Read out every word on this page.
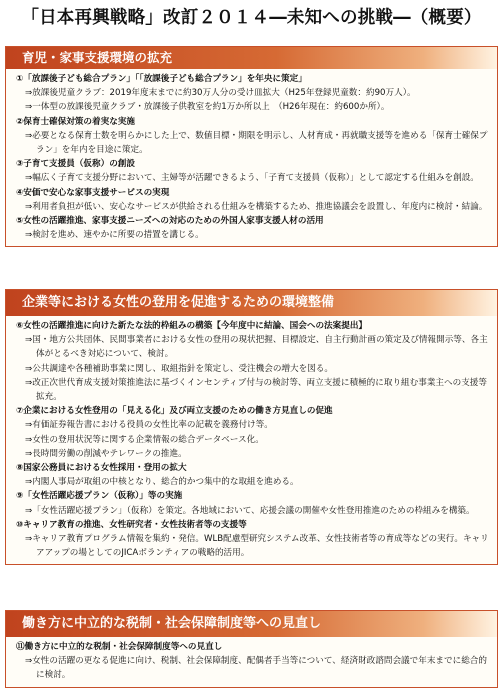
「日本再興戦略」改訂２０１４―未知への挑戦―（概要）
育児・家事支援環境の拡充
①「放課後子ども総合プラン」「「放課後子ども総合プラン」を年央に策定」
⇒放課後児童クラブ：2019年度末までに約30万人分の受け皿拡大（H25年登録児童数：約90万人）。
⇒一体型の放課後児童クラブ・放課後子供教室を約1万か所以上　（H26年現在：約600か所）。
②保育士確保対策の着実な実施
⇒必要となる保育士数を明らかにした上で、数値目標・期限を明示し、人材育成・再就職支援等を進める「保育士確保プラン」を年内を目途に策定。
③子育て支援員（仮称）の創設
⇒幅広く子育て支援分野において、主婦等が活躍できるよう、「子育て支援員（仮称）」として認定する仕組みを創設。
④安価で安心な家事支援サービスの実現
⇒利用者負担が低い、安心なサービスが供給される仕組みを構築するため、推進協議会を設置し、年度内に検討・結論。
⑤女性の活躍推進、家事支援ニーズへの対応のための外国人家事支援人材の活用
⇒検討を進め、速やかに所要の措置を講じる。
企業等における女性の登用を促進するための環境整備
⑥女性の活躍推進に向けた新たな法的枠組みの構築【今年度中に結論、国会への法案提出】
⇒国・地方公共団体、民間事業者における女性の登用の現状把握、目標設定、自主行動計画の策定及び情報開示等、各主体がとるべき対応について、検討。
⇒公共調達や各種補助事業に関し、取組指針を策定し、受注機会の増大を図る。
⇒改正次世代育成支援対策推進法に基づくインセンティブ付与の検討等、両立支援に積極的に取り組む事業主への支援等拡充。
⑦企業における女性登用の「見える化」及び両立支援のための働き方見直しの促進
⇒有価証券報告書における役員の女性比率の記載を義務付け等。
⇒女性の登用状況等に関する企業情報の総合データベース化。
⇒長時間労働の削減やテレワークの推進。
⑧国家公務員における女性採用・登用の拡大
⇒内閣人事局が取組の中核となり、総合的かつ集中的な取組を進める。
⑨「女性活躍応援プラン（仮称）」等の実施
⇒「女性活躍応援プラン」（仮称）を策定。各地域において、応援会議の開催や女性登用推進のための枠組みを構築。
⑩キャリア教育の推進、女性研究者・女性技術者等の支援等
⇒キャリア教育プログラム情報を集約・発信。WLB配慮型研究システム改革、女性技術者等の育成等などの実行。キャリアアップの場としてのJICAボランティアの戦略的活用。
働き方に中立的な税制・社会保障制度等への見直し
⑪働き方に中立的な税制・社会保障制度等への見直し
⇒女性の活躍の更なる促進に向け、税制、社会保障制度、配偶者手当等について、経済財政諮問会議で年末までに総合的に検討。
